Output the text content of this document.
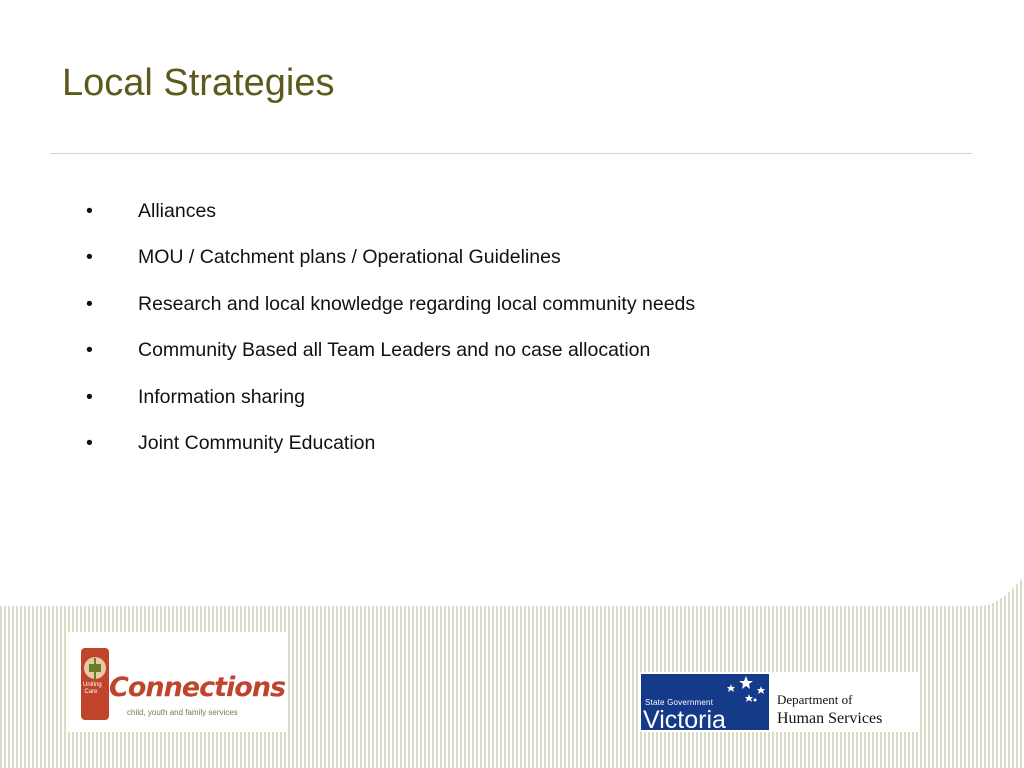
Local Strategies
•	Alliances
•	MOU / Catchment plans / Operational Guidelines
•	Research and local knowledge regarding local community needs
•	Community Based all Team Leaders and no case allocation
•	Information sharing
•	Joint Community Education
Uniting
Care Connections
child, youth and family services
State Government
Victoria
Department of
Human Services
